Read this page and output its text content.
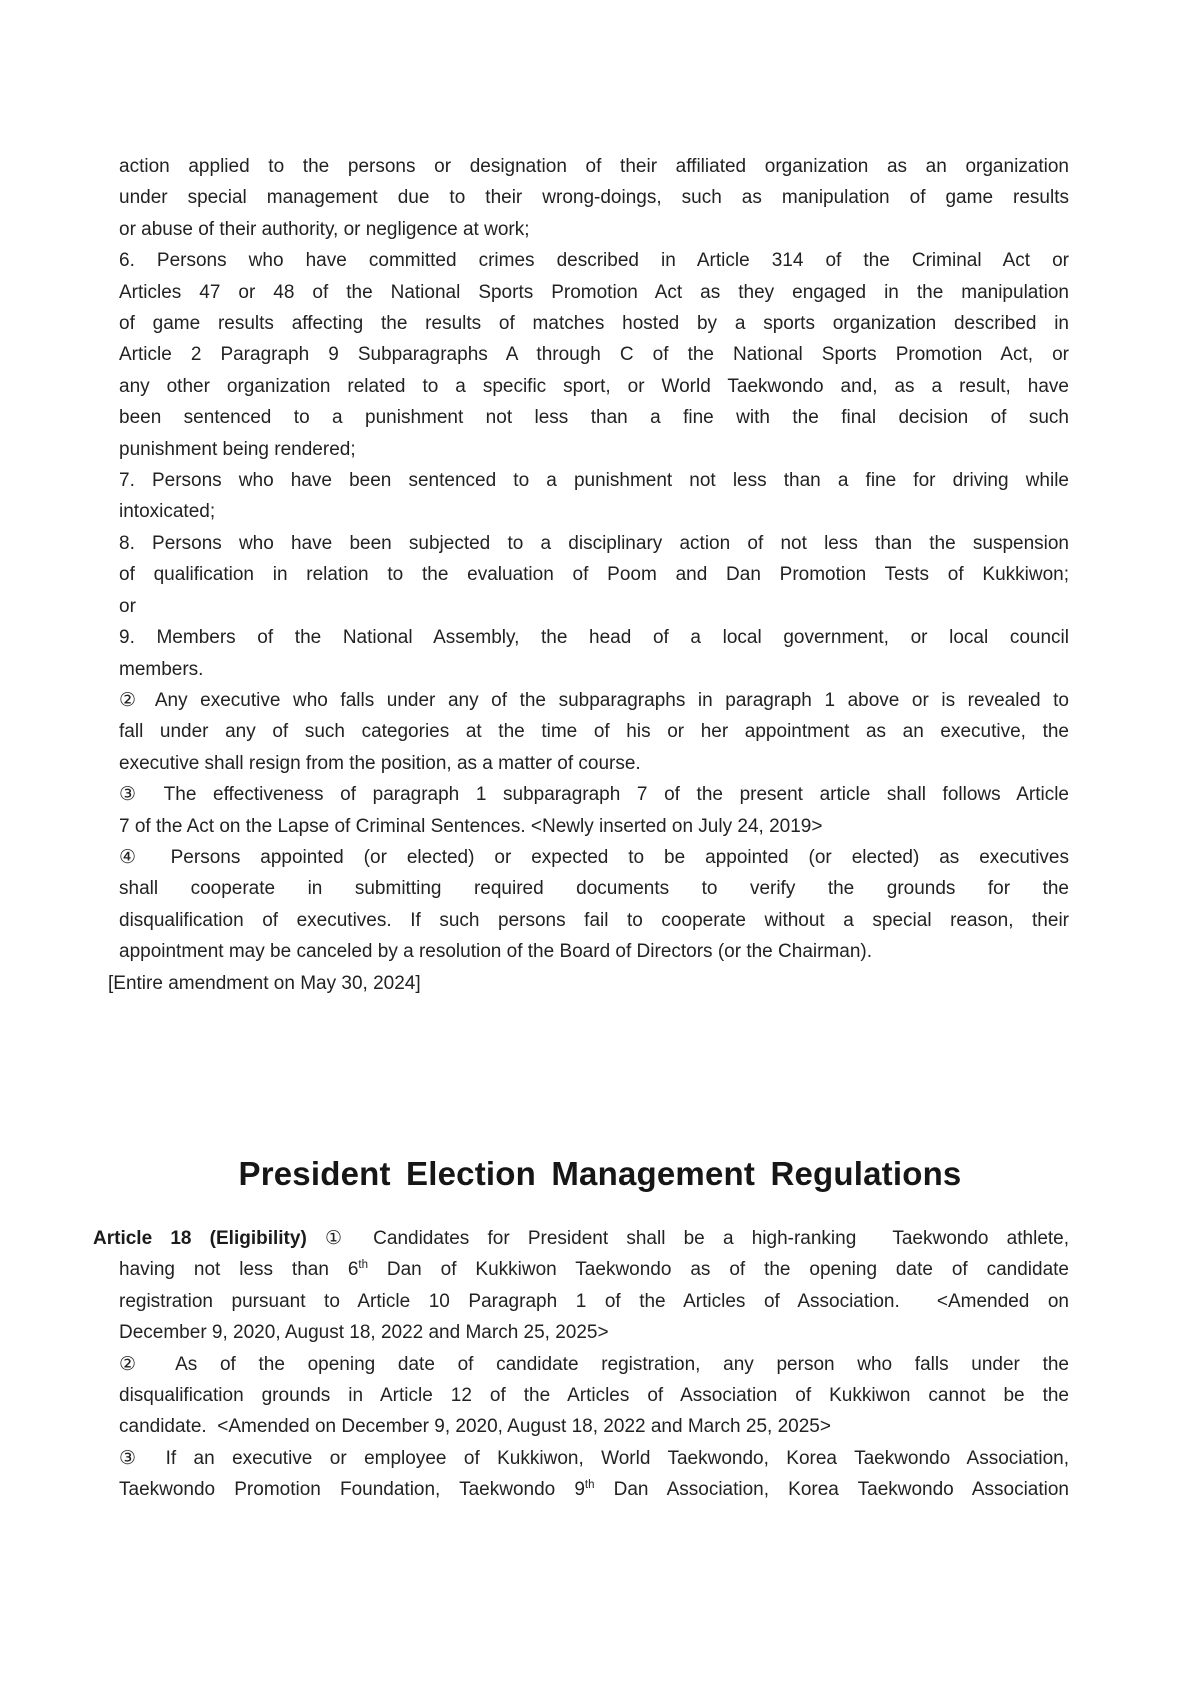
action applied to the persons or designation of their affiliated organization as an organization
under special management due to their wrong-doings, such as manipulation of game results
or abuse of their authority, or negligence at work;
6. Persons who have committed crimes described in Article 314 of the Criminal Act or
Articles 47 or 48 of the National Sports Promotion Act as they engaged in the manipulation
of game results affecting the results of matches hosted by a sports organization described in
Article 2 Paragraph 9 Subparagraphs A through C of the National Sports Promotion Act, or
any other organization related to a specific sport, or World Taekwondo and, as a result, have
been sentenced to a punishment not less than a fine with the final decision of such
punishment being rendered;
7. Persons who have been sentenced to a punishment not less than a fine for driving while
intoxicated;
8. Persons who have been subjected to a disciplinary action of not less than the suspension
of qualification in relation to the evaluation of Poom and Dan Promotion Tests of Kukkiwon;
or
9. Members of the National Assembly, the head of a local government, or local council
members.
② Any executive who falls under any of the subparagraphs in paragraph 1 above or is revealed to
fall under any of such categories at the time of his or her appointment as an executive, the
executive shall resign from the position, as a matter of course.
③ The effectiveness of paragraph 1 subparagraph 7 of the present article shall follows Article
7 of the Act on the Lapse of Criminal Sentences. <Newly inserted on July 24, 2019>
④ Persons appointed (or elected) or expected to be appointed (or elected) as executives
shall cooperate in submitting required documents to verify the grounds for the
disqualification of executives. If such persons fail to cooperate without a special reason, their
appointment may be canceled by a resolution of the Board of Directors (or the Chairman).
[Entire amendment on May 30, 2024]
President Election Management Regulations
Article 18 (Eligibility) ① Candidates for President shall be a high-ranking  Taekwondo athlete,
having not less than 6th Dan of Kukkiwon Taekwondo as of the opening date of candidate
registration pursuant to Article 10 Paragraph 1 of the Articles of Association.  <Amended on
December 9, 2020, August 18, 2022 and March 25, 2025>
② As of the opening date of candidate registration, any person who falls under the
disqualification grounds in Article 12 of the Articles of Association of Kukkiwon cannot be the
candidate.  <Amended on December 9, 2020, August 18, 2022 and March 25, 2025>
③ If an executive or employee of Kukkiwon, World Taekwondo, Korea Taekwondo Association,
Taekwondo Promotion Foundation, Taekwondo 9th Dan Association, Korea Taekwondo Association
